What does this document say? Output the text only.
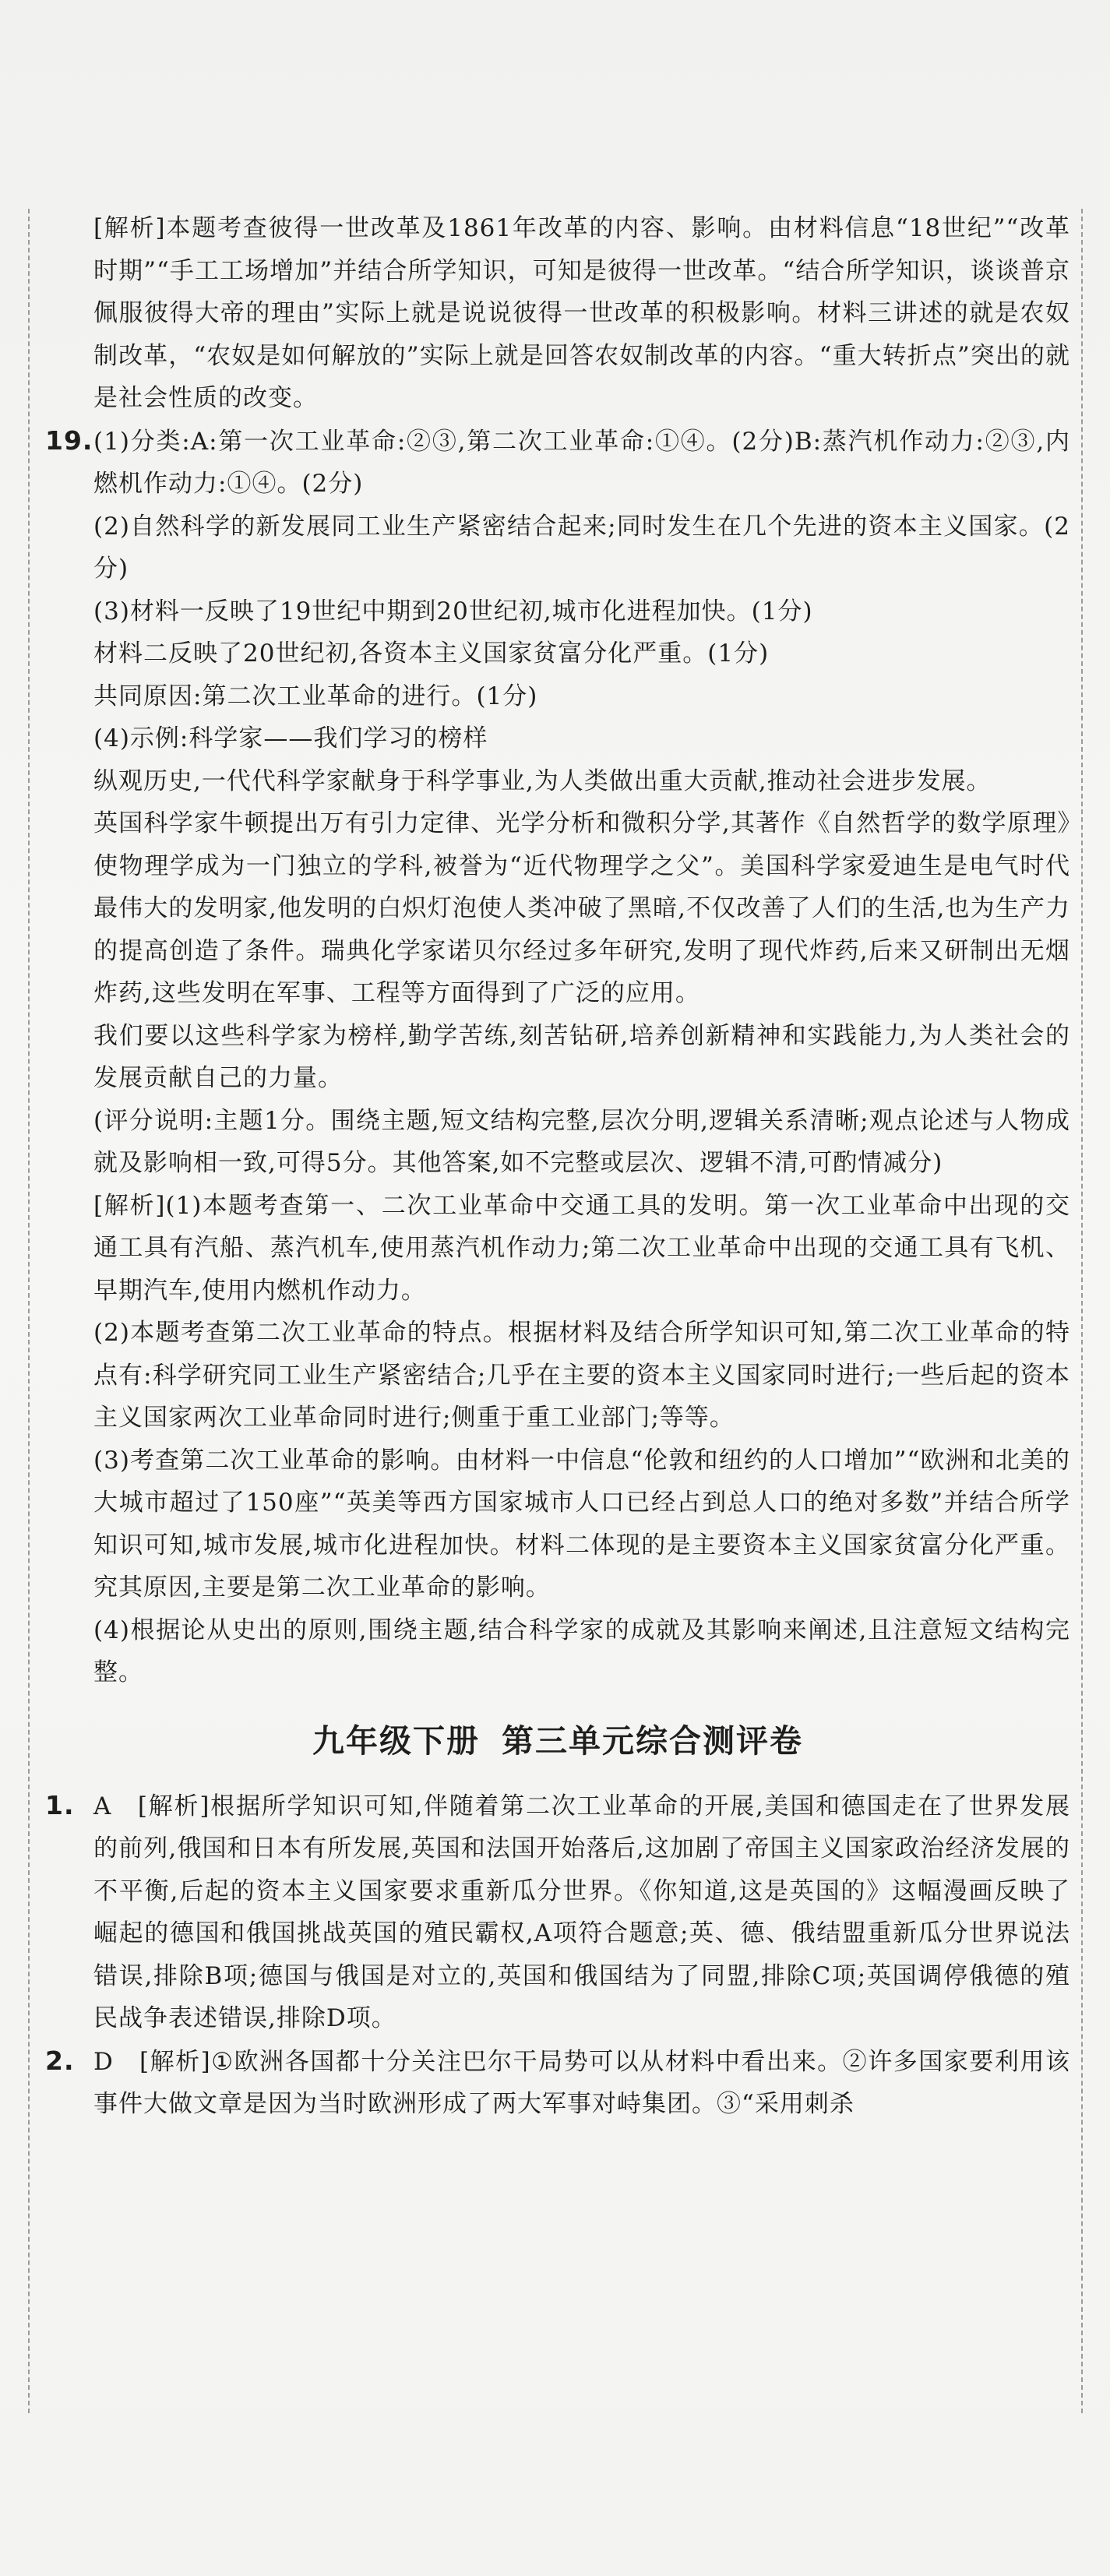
[解析]本题考查彼得一世改革及1861年改革的内容、影响。由材料信息“18世纪”“改革时期”“手工工场增加”并结合所学知识，可知是彼得一世改革。“结合所学知识，谈谈普京佩服彼得大帝的理由”实际上就是说说彼得一世改革的积极影响。材料三讲述的就是农奴制改革，“农奴是如何解放的”实际上就是回答农奴制改革的内容。“重大转折点”突出的就是社会性质的改变。

19.(1)分类:A:第一次工业革命:②③,第二次工业革命:①④。(2分)B:蒸汽机作动力:②③,内燃机作动力:①④。(2分)

(2)自然科学的新发展同工业生产紧密结合起来;同时发生在几个先进的资本主义国家。(2分)

(3)材料一反映了19世纪中期到20世纪初,城市化进程加快。(1分)

材料二反映了20世纪初,各资本主义国家贫富分化严重。(1分)

共同原因:第二次工业革命的进行。(1分)

(4)示例:科学家——我们学习的榜样

纵观历史,一代代科学家献身于科学事业,为人类做出重大贡献,推动社会进步发展。

英国科学家牛顿提出万有引力定律、光学分析和微积分学,其著作《自然哲学的数学原理》使物理学成为一门独立的学科,被誉为“近代物理学之父”。美国科学家爱迪生是电气时代最伟大的发明家,他发明的白炽灯泡使人类冲破了黑暗,不仅改善了人们的生活,也为生产力的提高创造了条件。瑞典化学家诺贝尔经过多年研究,发明了现代炸药,后来又研制出无烟炸药,这些发明在军事、工程等方面得到了广泛的应用。

我们要以这些科学家为榜样,勤学苦练,刻苦钻研,培养创新精神和实践能力,为人类社会的发展贡献自己的力量。

(评分说明:主题1分。围绕主题,短文结构完整,层次分明,逻辑关系清晰;观点论述与人物成就及影响相一致,可得5分。其他答案,如不完整或层次、逻辑不清,可酌情减分)

[解析](1)本题考查第一、二次工业革命中交通工具的发明。第一次工业革命中出现的交通工具有汽船、蒸汽机车,使用蒸汽机作动力;第二次工业革命中出现的交通工具有飞机、早期汽车,使用内燃机作动力。

(2)本题考查第二次工业革命的特点。根据材料及结合所学知识可知,第二次工业革命的特点有:科学研究同工业生产紧密结合;几乎在主要的资本主义国家同时进行;一些后起的资本主义国家两次工业革命同时进行;侧重于重工业部门;等等。

(3)考查第二次工业革命的影响。由材料一中信息“伦敦和纽约的人口增加”“欧洲和北美的大城市超过了150座”“英美等西方国家城市人口已经占到总人口的绝对多数”并结合所学知识可知,城市发展,城市化进程加快。材料二体现的是主要资本主义国家贫富分化严重。究其原因,主要是第二次工业革命的影响。

(4)根据论从史出的原则,围绕主题,结合科学家的成就及其影响来阐述,且注意短文结构完整。

九年级下册 第三单元综合测评卷
1. A　[解析]根据所学知识可知,伴随着第二次工业革命的开展,美国和德国走在了世界发展的前列,俄国和日本有所发展,英国和法国开始落后,这加剧了帝国主义国家政治经济发展的不平衡,后起的资本主义国家要求重新瓜分世界。《你知道,这是英国的》这幅漫画反映了崛起的德国和俄国挑战英国的殖民霸权,A项符合题意;英、德、俄结盟重新瓜分世界说法错误,排除B项;德国与俄国是对立的,英国和俄国结为了同盟,排除C项;英国调停俄德的殖民战争表述错误,排除D项。
2. D　[解析]①欧洲各国都十分关注巴尔干局势可以从材料中看出来。②许多国家要利用该事件大做文章是因为当时欧洲形成了两大军事对峙集团。③“采用刺杀
